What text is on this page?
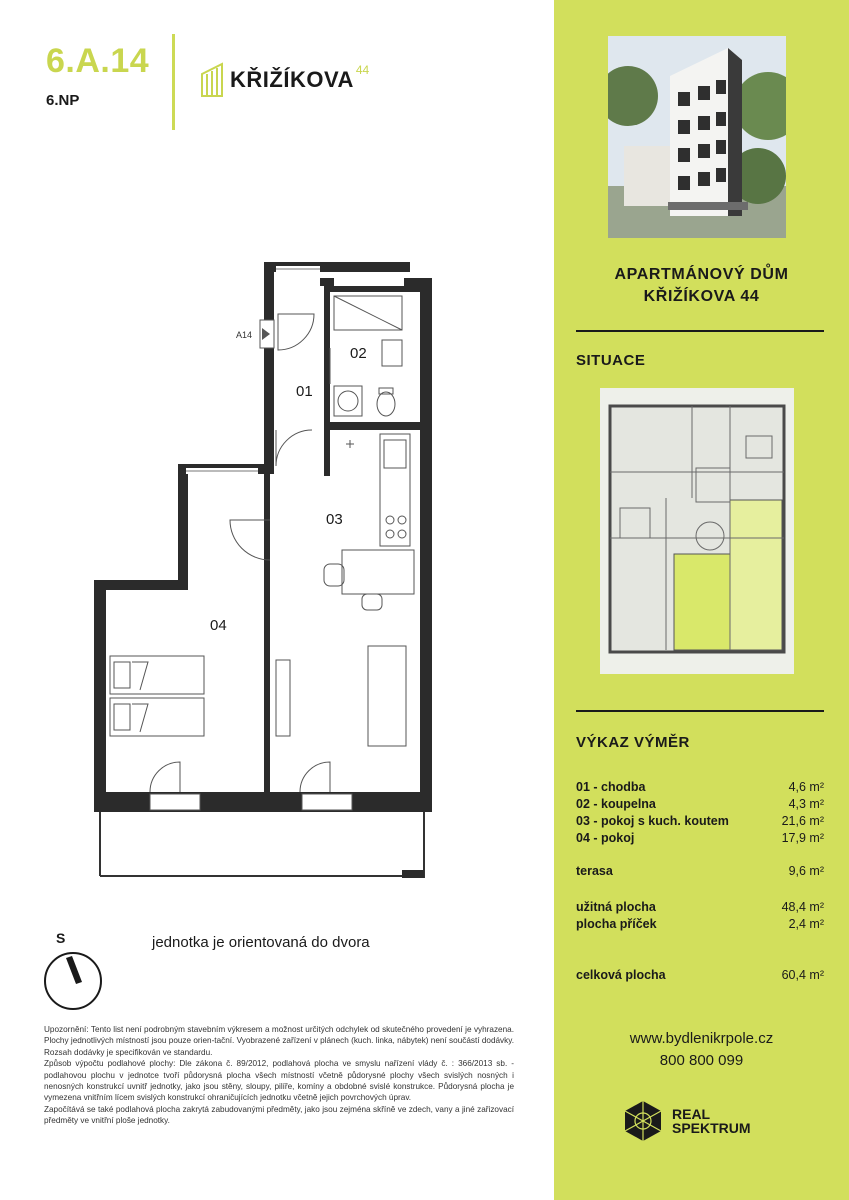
6.A.14
6.NP
KŘIŽÍKOVA 44
A14
01
02
03
04
S	jednotka je orientovaná do dvora

Upozornění: Tento list není podrobným stavebním výkresem a možnost určitých odchylek od skutečného provedení je vyhrazena. Plochy jednotlivých místností jsou pouze orien-tační. Vyobrazené zařízení v plánech (kuch. linka, nábytek) není součástí dodávky. Rozsah dodávky je specifikován ve standardu.

Způsob výpočtu podlahové plochy: Dle zákona č. 89/2012, podlahová plocha ve smyslu nařízení vlády č. : 366/2013 sb. - podlahovou plochu v jednotce tvoří půdorysná plocha všech místností včetně půdorysné plochy všech svislých nosných i nenosných konstrukcí uvnitř jednotky, jako jsou stěny, sloupy, pilíře, komíny a obdobné svislé konstrukce. Půdorysná plocha je vymezena vnitřním lícem svislých konstrukcí ohraničujících jednotku včetně jejich povrchových úprav.

Započítává se také podlahová plocha zakrytá zabudovanými předměty, jako jsou zejména skříně ve zdech, vany a jiné zařizovací předměty ve vnitřní ploše jednotky.

APARTMÁNOVÝ DŮM
KŘIŽÍKOVA 44
SITUACE
VÝKAZ VÝMĚR
01 - chodba	4,6 m²
02 - koupelna	4,3 m²
03 - pokoj s kuch. koutem	21,6 m²
04 - pokoj	17,9 m²
terasa	9,6 m²
užitná plocha	48,4 m²
plocha příček	2,4 m²
celková plocha	60,4 m²
www.bydlenikrpole.cz
800 800 099
REAL
SPEKTRUM
